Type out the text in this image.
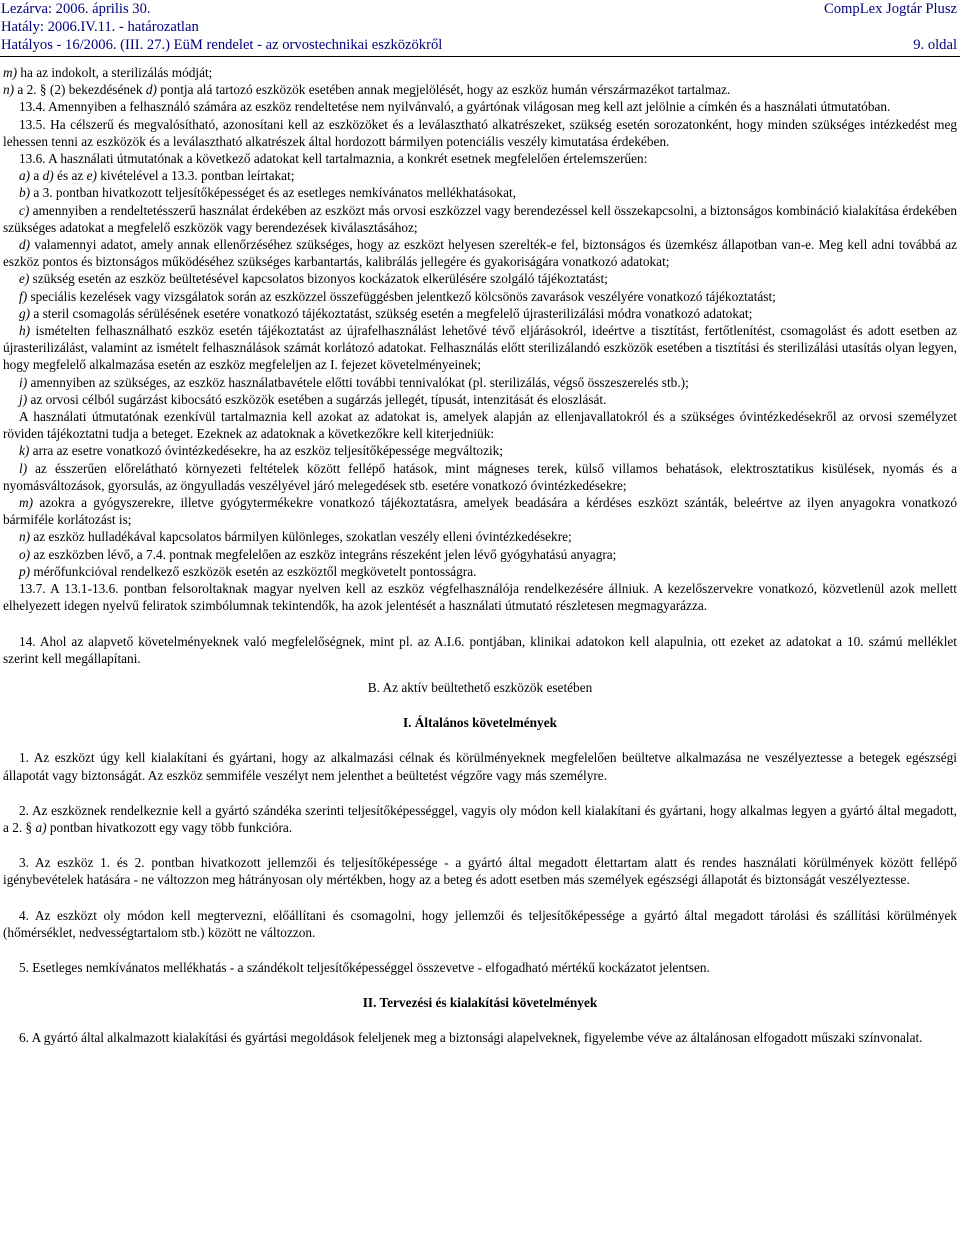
Lezárva: 2006. április 30.
Hatály: 2006.IV.11. - határozatlan
Hatályos - 16/2006. (III. 27.) EüM rendelet - az orvostechnikai eszközökről
CompLex Jogtár Plusz

9. oldal

m) ha az indokolt, a sterilizálás módját;

n) a 2. § (2) bekezdésének d) pontja alá tartozó eszközök esetében annak megjelölését, hogy az eszköz humán vérszármazékot tartalmaz.

13.4. Amennyiben a felhasználó számára az eszköz rendeltetése nem nyilvánvaló, a gyártónak világosan meg kell azt jelölnie a címkén és a használati útmutatóban.

13.5. Ha célszerű és megvalósítható, azonosítani kell az eszközöket és a leválasztható alkatrészeket, szükség esetén sorozatonként, hogy minden szükséges intézkedést meg lehessen tenni az eszközök és a leválasztható alkatrészek által hordozott bármilyen potenciális veszély kimutatása érdekében.

13.6. A használati útmutatónak a következő adatokat kell tartalmaznia, a konkrét esetnek megfelelően értelemszerűen:

a) a d) és az e) kivételével a 13.3. pontban leírtakat;

b) a 3. pontban hivatkozott teljesítőképességet és az esetleges nemkívánatos mellékhatásokat,

c) amennyiben a rendeltetésszerű használat érdekében az eszközt más orvosi eszközzel vagy berendezéssel kell összekapcsolni, a biztonságos kombináció kialakítása érdekében szükséges adatokat a megfelelő eszközök vagy berendezések kiválasztásához;

d) valamennyi adatot, amely annak ellenőrzéséhez szükséges, hogy az eszközt helyesen szerelték-e fel, biztonságos és üzemkész állapotban van-e. Meg kell adni továbbá az eszköz pontos és biztonságos működéséhez szükséges karbantartás, kalibrálás jellegére és gyakoriságára vonatkozó adatokat;

e) szükség esetén az eszköz beültetésével kapcsolatos bizonyos kockázatok elkerülésére szolgáló tájékoztatást;

f) speciális kezelések vagy vizsgálatok során az eszközzel összefüggésben jelentkező kölcsönös zavarások veszélyére vonatkozó tájékoztatást;

g) a steril csomagolás sérülésének esetére vonatkozó tájékoztatást, szükség esetén a megfelelő újrasterilizálási módra vonatkozó adatokat;

h) ismételten felhasználható eszköz esetén tájékoztatást az újrafelhasználást lehetővé tévő eljárásokról, ideértve a tisztítást, fertőtlenítést, csomagolást és adott esetben az újrasterilizálást, valamint az ismételt felhasználások számát korlátozó adatokat. Felhasználás előtt sterilizálandó eszközök esetében a tisztítási és sterilizálási utasítás olyan legyen, hogy megfelelő alkalmazása esetén az eszköz megfeleljen az I. fejezet követelményeinek;

i) amennyiben az szükséges, az eszköz használatbavétele előtti további tennivalókat (pl. sterilizálás, végső összeszerelés stb.);

j) az orvosi célból sugárzást kibocsátó eszközök esetében a sugárzás jellegét, típusát, intenzitását és eloszlását.

A használati útmutatónak ezenkívül tartalmaznia kell azokat az adatokat is, amelyek alapján az ellenjavallatokról és a szükséges óvintézkedésekről az orvosi személyzet röviden tájékoztatni tudja a beteget. Ezeknek az adatoknak a következőkre kell kiterjedniük:

k) arra az esetre vonatkozó óvintézkedésekre, ha az eszköz teljesítőképessége megváltozik;

l) az ésszerűen előrelátható környezeti feltételek között fellépő hatások, mint mágneses terek, külső villamos behatások, elektrosztatikus kisülések, nyomás és a nyomásváltozások, gyorsulás, az öngyulladás veszélyével járó melegedések stb. esetére vonatkozó óvintézkedésekre;

m) azokra a gyógyszerekre, illetve gyógytermékekre vonatkozó tájékoztatásra, amelyek beadására a kérdéses eszközt szánták, beleértve az ilyen anyagokra vonatkozó bármiféle korlátozást is;

n) az eszköz hulladékával kapcsolatos bármilyen különleges, szokatlan veszély elleni óvintézkedésekre;

o) az eszközben lévő, a 7.4. pontnak megfelelően az eszköz integráns részeként jelen lévő gyógyhatású anyagra;

p) mérőfunkcióval rendelkező eszközök esetén az eszköztől megkövetelt pontosságra.

13.7. A 13.1-13.6. pontban felsoroltaknak magyar nyelven kell az eszköz végfelhasználója rendelkezésére állniuk. A kezelőszervekre vonatkozó, közvetlenül azok mellett elhelyezett idegen nyelvű feliratok szimbólumnak tekintendők, ha azok jelentését a használati útmutató részletesen megmagyarázza.

14. Ahol az alapvető követelményeknek való megfelelőségnek, mint pl. az A.I.6. pontjában, klinikai adatokon kell alapulnia, ott ezeket az adatokat a 10. számú melléklet szerint kell megállapítani.

B. Az aktív beültethető eszközök esetében

I. Általános követelmények

1. Az eszközt úgy kell kialakítani és gyártani, hogy az alkalmazási célnak és körülményeknek megfelelően beültetve alkalmazása ne veszélyeztesse a betegek egészségi állapotát vagy biztonságát. Az eszköz semmiféle veszélyt nem jelenthet a beültetést végzőre vagy más személyre.

2. Az eszköznek rendelkeznie kell a gyártó szándéka szerinti teljesítőképességgel, vagyis oly módon kell kialakítani és gyártani, hogy alkalmas legyen a gyártó által megadott, a 2. § a) pontban hivatkozott egy vagy több funkcióra.

3. Az eszköz 1. és 2. pontban hivatkozott jellemzői és teljesítőképessége - a gyártó által megadott élettartam alatt és rendes használati körülmények között fellépő igénybevételek hatására - ne változzon meg hátrányosan oly mértékben, hogy az a beteg és adott esetben más személyek egészségi állapotát és biztonságát veszélyeztesse.

4. Az eszközt oly módon kell megtervezni, előállítani és csomagolni, hogy jellemzői és teljesítőképessége a gyártó által megadott tárolási és szállítási körülmények (hőmérséklet, nedvességtartalom stb.) között ne változzon.

5. Esetleges nemkívánatos mellékhatás - a szándékolt teljesítőképességgel összevetve - elfogadható mértékű kockázatot jelentsen.

II. Tervezési és kialakítási követelmények

6. A gyártó által alkalmazott kialakítási és gyártási megoldások feleljenek meg a biztonsági alapelveknek, figyelembe véve az általánosan elfogadott műszaki színvonalat.
